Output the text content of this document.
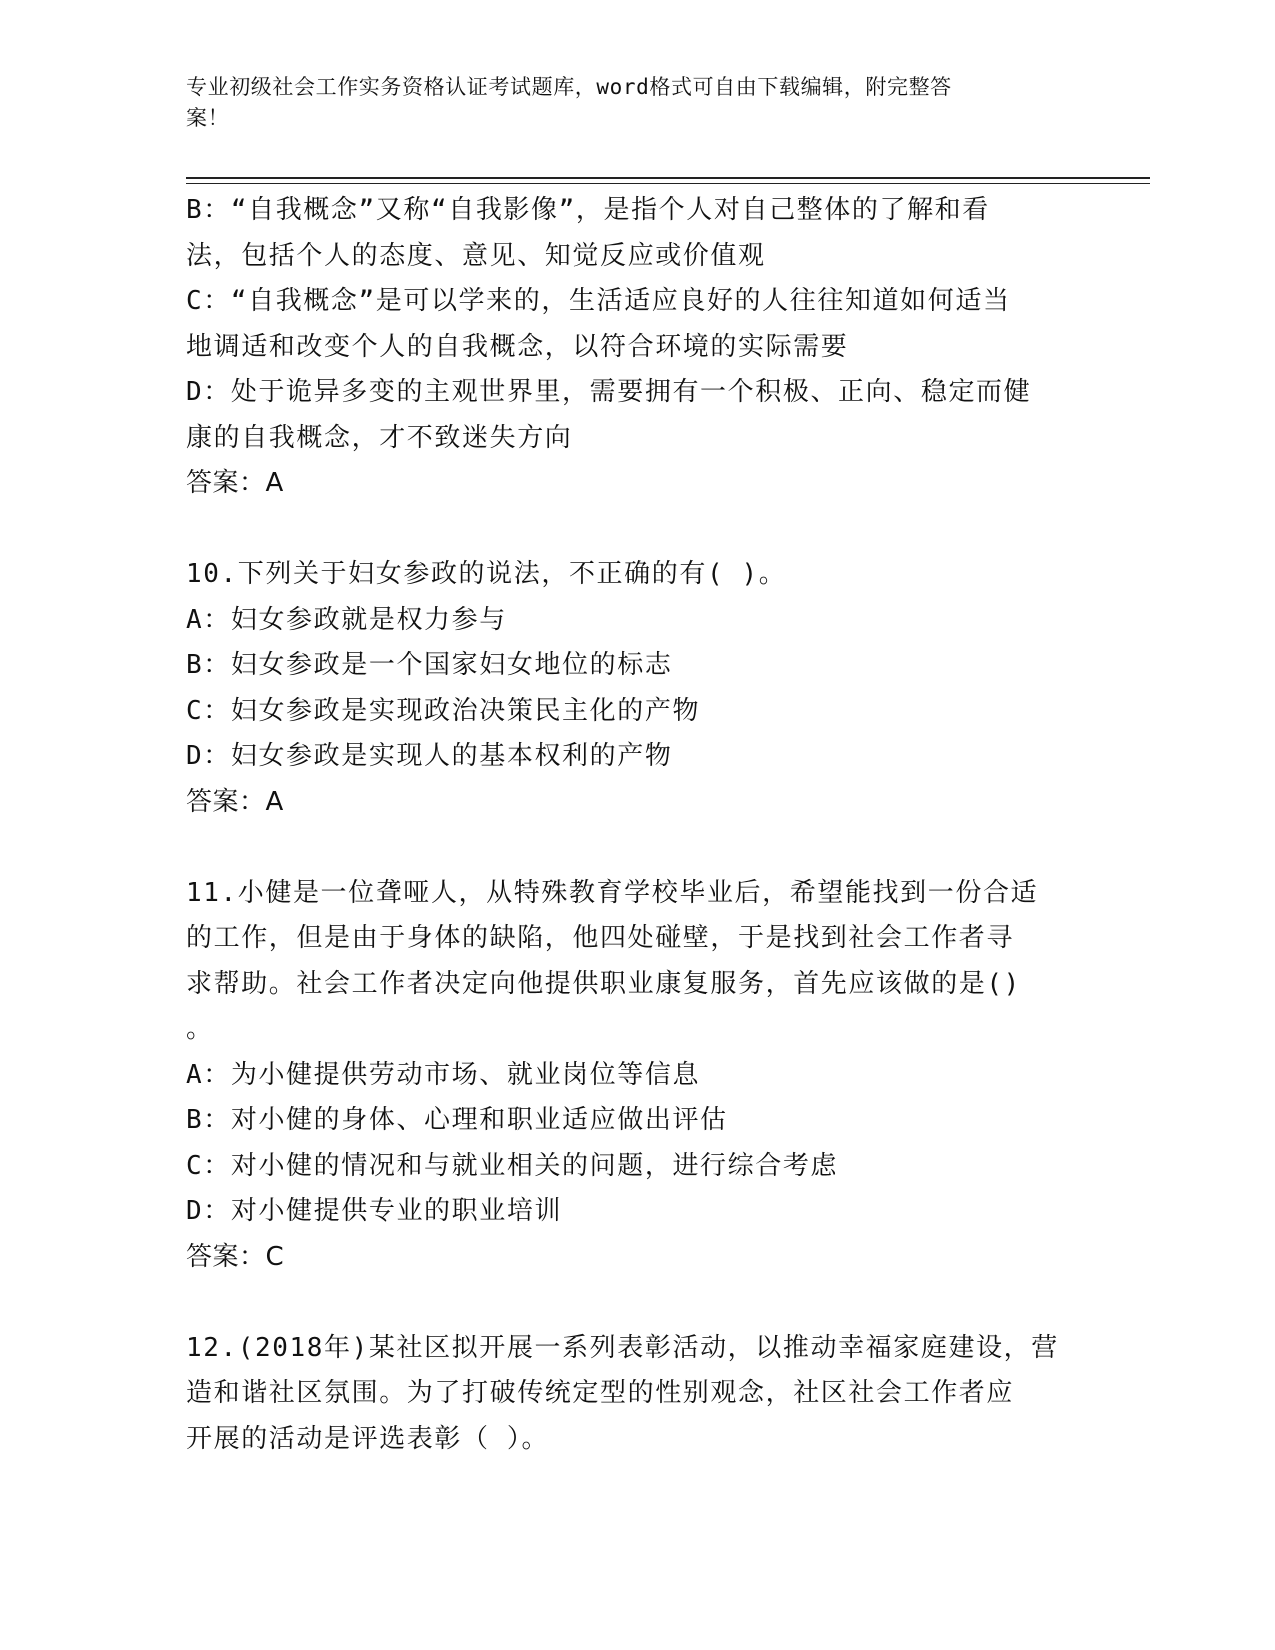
专业初级社会工作实务资格认证考试题库，word格式可自由下载编辑，附完整答
案！
B：“自我概念”又称“自我影像”，是指个人对自己整体的了解和看
法，包括个人的态度、意见、知觉反应或价值观
C：“自我概念”是可以学来的，生活适应良好的人往往知道如何适当
地调适和改变个人的自我概念，以符合环境的实际需要
D：处于诡异多变的主观世界里，需要拥有一个积极、正向、稳定而健
康的自我概念，才不致迷失方向
答案：A
10.下列关于妇女参政的说法，不正确的有( )。
A：妇女参政就是权力参与
B：妇女参政是一个国家妇女地位的标志
C：妇女参政是实现政治决策民主化的产物
D：妇女参政是实现人的基本权利的产物
答案：A
11.小健是一位聋哑人，从特殊教育学校毕业后，希望能找到一份合适
的工作，但是由于身体的缺陷，他四处碰壁，于是找到社会工作者寻
求帮助。社会工作者决定向他提供职业康复服务，首先应该做的是()
。
A：为小健提供劳动市场、就业岗位等信息
B：对小健的身体、心理和职业适应做出评估
C：对小健的情况和与就业相关的问题，进行综合考虑
D：对小健提供专业的职业培训
答案：C
12.(2018年)某社区拟开展一系列表彰活动，以推动幸福家庭建设，营
造和谐社区氛围。为了打破传统定型的性别观念，社区社会工作者应
开展的活动是评选表彰（ ）。
